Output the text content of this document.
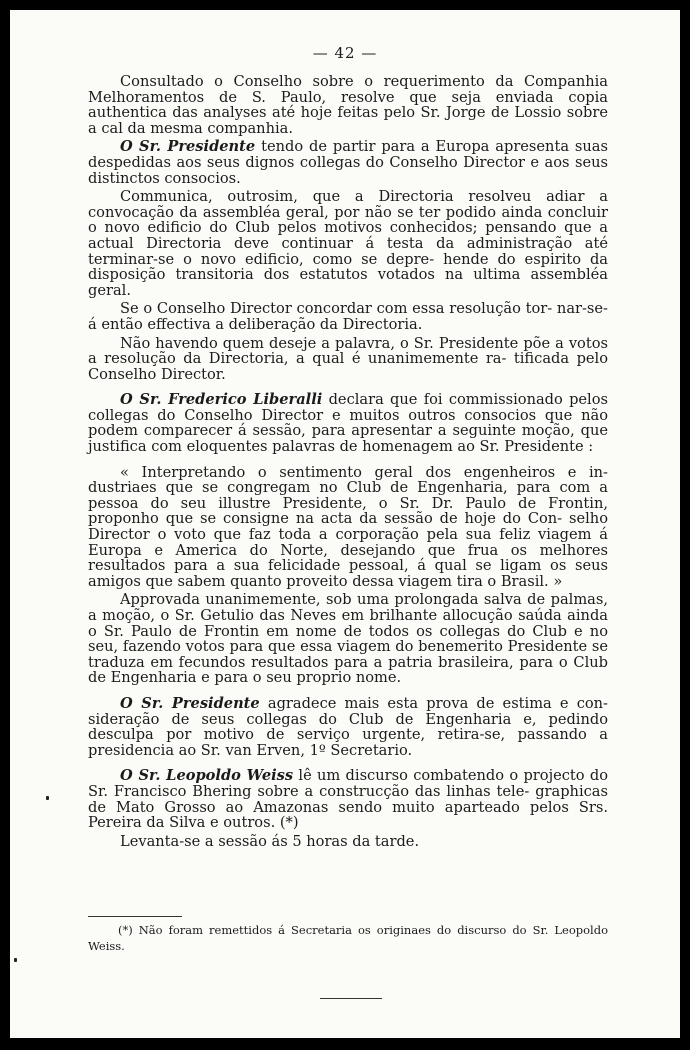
— 42 —

Consultado o Conselho sobre o requerimento da Companhia Melhoramentos de S. Paulo, resolve que seja enviada copia authentica das analyses até hoje feitas pelo Sr. Jorge de Lossio sobre a cal da mesma companhia.

O Sr. Presidente tendo de partir para a Europa apresenta suas despedidas aos seus dignos collegas do Conselho Director e aos seus distinctos consocios.

Communica, outrosim, que a Directoria resolveu adiar a convocação da assembléa geral, por não se ter podido ainda concluir o novo edificio do Club pelos motivos conhecidos; pensando que a actual Directoria deve continuar á testa da administração até terminar-se o novo edificio, como se depre- hende do espirito da disposição transitoria dos estatutos votados na ultima assembléa geral.

Se o Conselho Director concordar com essa resolução tor- nar-se-á então effectiva a deliberação da Directoria.

Não havendo quem deseje a palavra, o Sr. Presidente põe a votos a resolução da Directoria, a qual é unanimemente ra- tificada pelo Conselho Director.

O Sr. Frederico Liberalli declara que foi commissionado pelos collegas do Conselho Director e muitos outros consocios que não podem comparecer á sessão, para apresentar a seguinte moção, que justifica com eloquentes palavras de homenagem ao Sr. Presidente :

« Interpretando o sentimento geral dos engenheiros e in- dustriaes que se congregam no Club de Engenharia, para com a pessoa do seu illustre Presidente, o Sr. Dr. Paulo de Frontin, proponho que se consigne na acta da sessão de hoje do Con- selho Director o voto que faz toda a corporação pela sua feliz viagem á Europa e America do Norte, desejando que frua os melhores resultados para a sua felicidade pessoal, á qual se ligam os seus amigos que sabem quanto proveito dessa viagem tira o Brasil. »

Approvada unanimemente, sob uma prolongada salva de palmas, a moção, o Sr. Getulio das Neves em brilhante allocução saúda ainda o Sr. Paulo de Frontin em nome de todos os collegas do Club e no seu, fazendo votos para que essa viagem do benemerito Presidente se traduza em fecundos resultados para a patria brasileira, para o Club de Engenharia e para o seu proprio nome.

O Sr. Presidente agradece mais esta prova de estima e con- sideração de seus collegas do Club de Engenharia e, pedindo desculpa por motivo de serviço urgente, retira-se, passando a presidencia ao Sr. van Erven, 1º Secretario.

O Sr. Leopoldo Weiss lê um discurso combatendo o projecto do Sr. Francisco Bhering sobre a construcção das linhas tele- graphicas de Mato Grosso ao Amazonas sendo muito aparteado pelos Srs. Pereira da Silva e outros. (*)

Levanta-se a sessão ás 5 horas da tarde.

(*) Não foram remettidos á Secretaria os originaes do discurso do Sr. Leopoldo Weiss.
